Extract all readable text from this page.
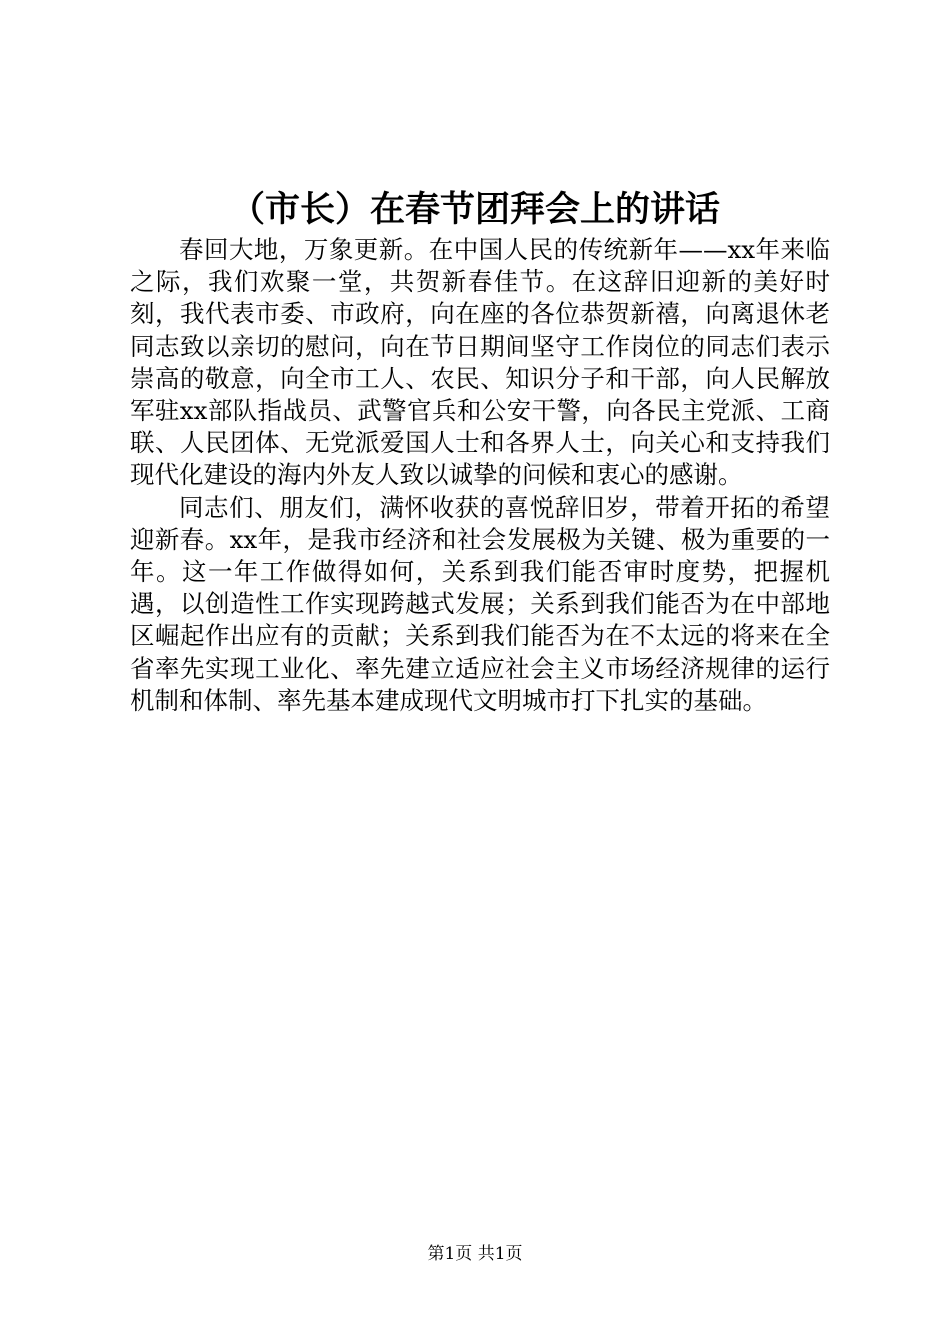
（市长）在春节团拜会上的讲话

春回大地，万象更新。在中国人民的传统新年——xx年来临之际，我们欢聚一堂，共贺新春佳节。在这辞旧迎新的美好时刻，我代表市委、市政府，向在座的各位恭贺新禧，向离退休老同志致以亲切的慰问，向在节日期间坚守工作岗位的同志们表示崇高的敬意，向全市工人、农民、知识分子和干部，向人民解放军驻xx部队指战员、武警官兵和公安干警，向各民主党派、工商联、人民团体、无党派爱国人士和各界人士，向关心和支持我们现代化建设的海内外友人致以诚挚的问候和衷心的感谢。

同志们、朋友们，满怀收获的喜悦辞旧岁，带着开拓的希望迎新春。xx年，是我市经济和社会发展极为关键、极为重要的一年。这一年工作做得如何，关系到我们能否审时度势，把握机遇，以创造性工作实现跨越式发展；关系到我们能否为在中部地区崛起作出应有的贡献；关系到我们能否为在不太远的将来在全省率先实现工业化、率先建立适应社会主义市场经济规律的运行机制和体制、率先基本建成现代文明城市打下扎实的基础。

第1页 共1页
